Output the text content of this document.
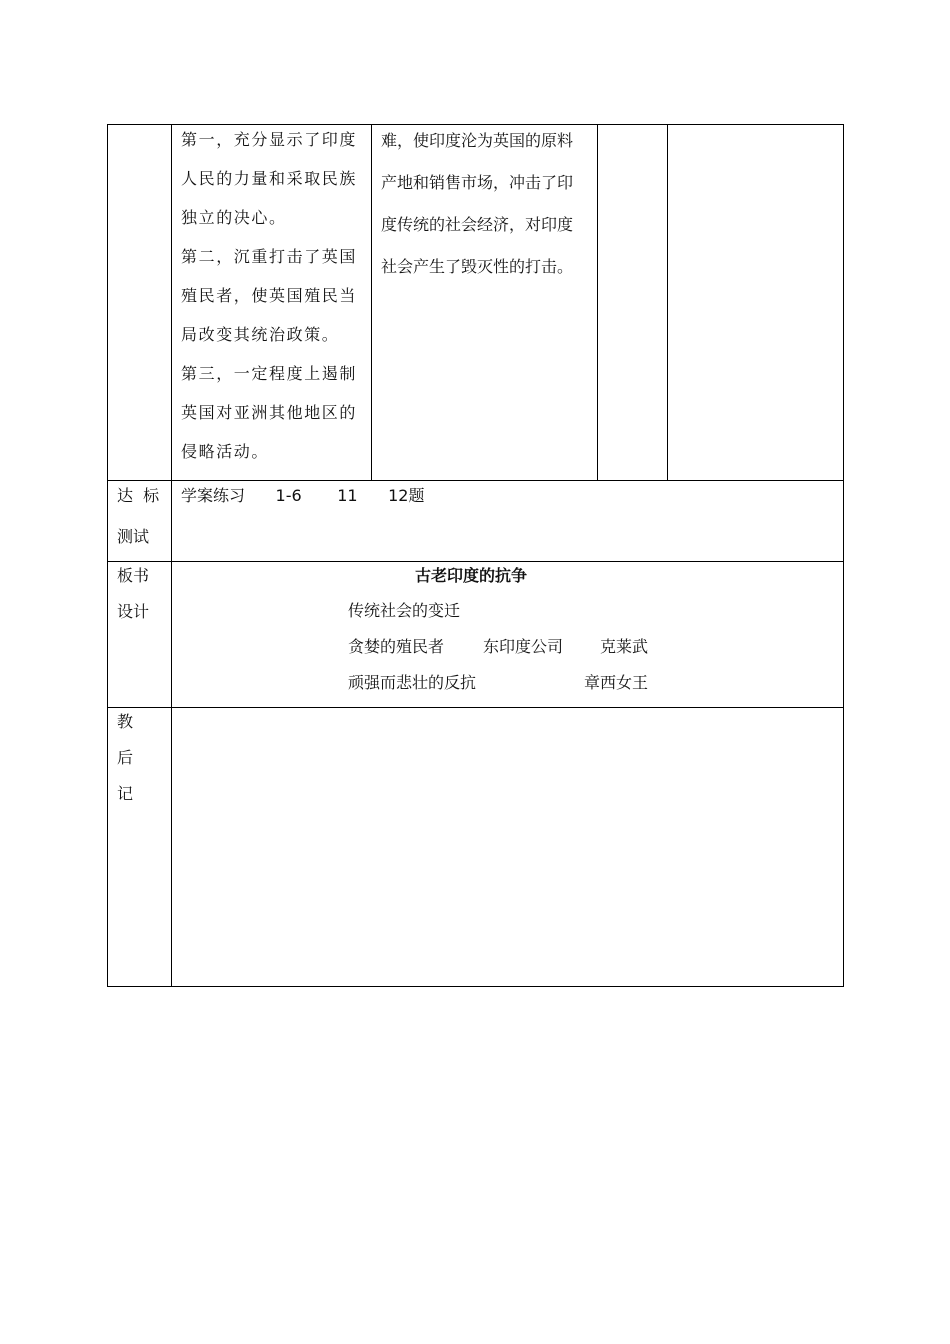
第一，充分显示了印度
人民的力量和采取民族
独立的决心。
第二，沉重打击了英国
殖民者，使英国殖民当
局改变其统治政策。
第三，一定程度上遏制
英国对亚洲其他地区的
侵略活动。
难，使印度沦为英国的原料
产地和销售市场，冲击了印
度传统的社会经济，对印度
社会产生了毁灭性的打击。
达  标
测试
学案练习      1-6       11      12题
板书
设计
古老印度的抗争
传统社会的变迁
贪婪的殖民者 东印度公司 克莱武
顽强而悲壮的反抗	章西女王
教
后
记
